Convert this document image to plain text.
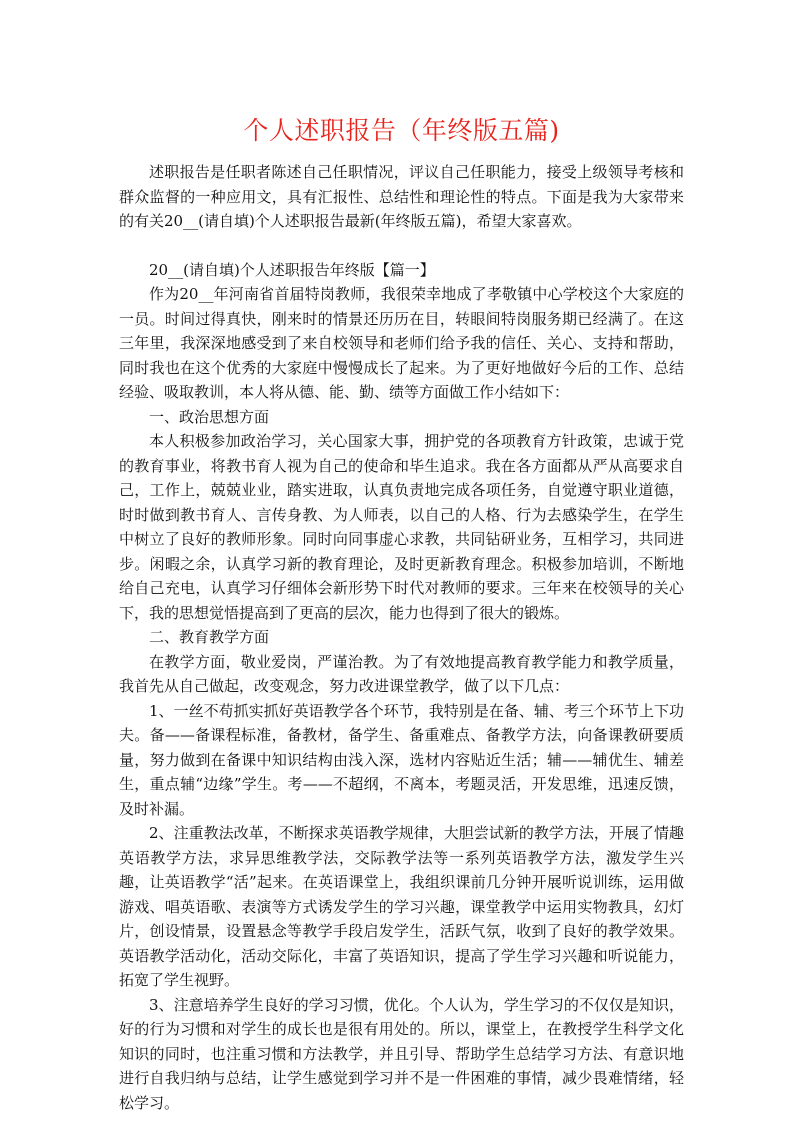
个人述职报告（年终版五篇)

述职报告是任职者陈述自己任职情况，评议自己任职能力，接受上级领导考核和群众监督的一种应用文，具有汇报性、总结性和理论性的特点。下面是我为大家带来的有关20__(请自填)个人述职报告最新(年终版五篇)，希望大家喜欢。

20__(请自填)个人述职报告年终版【篇一】

作为20__年河南省首届特岗教师，我很荣幸地成了孝敬镇中心学校这个大家庭的一员。时间过得真快，刚来时的情景还历历在目，转眼间特岗服务期已经满了。在这三年里，我深深地感受到了来自校领导和老师们给予我的信任、关心、支持和帮助，同时我也在这个优秀的大家庭中慢慢成长了起来。为了更好地做好今后的工作、总结经验、吸取教训，本人将从德、能、勤、绩等方面做工作小结如下：

一、政治思想方面

本人积极参加政治学习，关心国家大事，拥护党的各项教育方针政策，忠诚于党的教育事业，将教书育人视为自己的使命和毕生追求。我在各方面都从严从高要求自己，工作上，兢兢业业，踏实进取，认真负责地完成各项任务，自觉遵守职业道德，时时做到教书育人、言传身教、为人师表，以自己的人格、行为去感染学生，在学生中树立了良好的教师形象。同时向同事虚心求教，共同钻研业务，互相学习，共同进步。闲暇之余，认真学习新的教育理论，及时更新教育理念。积极参加培训，不断地给自己充电，认真学习仔细体会新形势下时代对教师的要求。三年来在校领导的关心下，我的思想觉悟提高到了更高的层次，能力也得到了很大的锻炼。

二、教育教学方面

在教学方面，敬业爱岗，严谨治教。为了有效地提高教育教学能力和教学质量，我首先从自己做起，改变观念，努力改进课堂教学，做了以下几点：

1、一丝不苟抓实抓好英语教学各个环节，我特别是在备、辅、考三个环节上下功夫。备——备课程标准，备教材，备学生、备重难点、备教学方法，向备课教研要质量，努力做到在备课中知识结构由浅入深，选材内容贴近生活；辅——辅优生、辅差生，重点辅“边缘”学生。考——不超纲，不离本，考题灵活，开发思维，迅速反馈，及时补漏。

2、注重教法改革，不断探求英语教学规律，大胆尝试新的教学方法，开展了情趣英语教学方法，求异思维教学法，交际教学法等一系列英语教学方法，激发学生兴趣，让英语教学“活”起来。在英语课堂上，我组织课前几分钟开展听说训练，运用做游戏、唱英语歌、表演等方式诱发学生的学习兴趣，课堂教学中运用实物教具，幻灯片，创设情景，设置悬念等教学手段启发学生，活跃气氛，收到了良好的教学效果。英语教学活动化，活动交际化，丰富了英语知识，提高了学生学习兴趣和听说能力，拓宽了学生视野。

3、注意培养学生良好的学习习惯，优化。个人认为，学生学习的不仅仅是知识，好的行为习惯和对学生的成长也是很有用处的。所以，课堂上，在教授学生科学文化知识的同时，也注重习惯和方法教学，并且引导、帮助学生总结学习方法、有意识地进行自我归纳与总结，让学生感觉到学习并不是一件困难的事情，减少畏难情绪，轻松学习。
